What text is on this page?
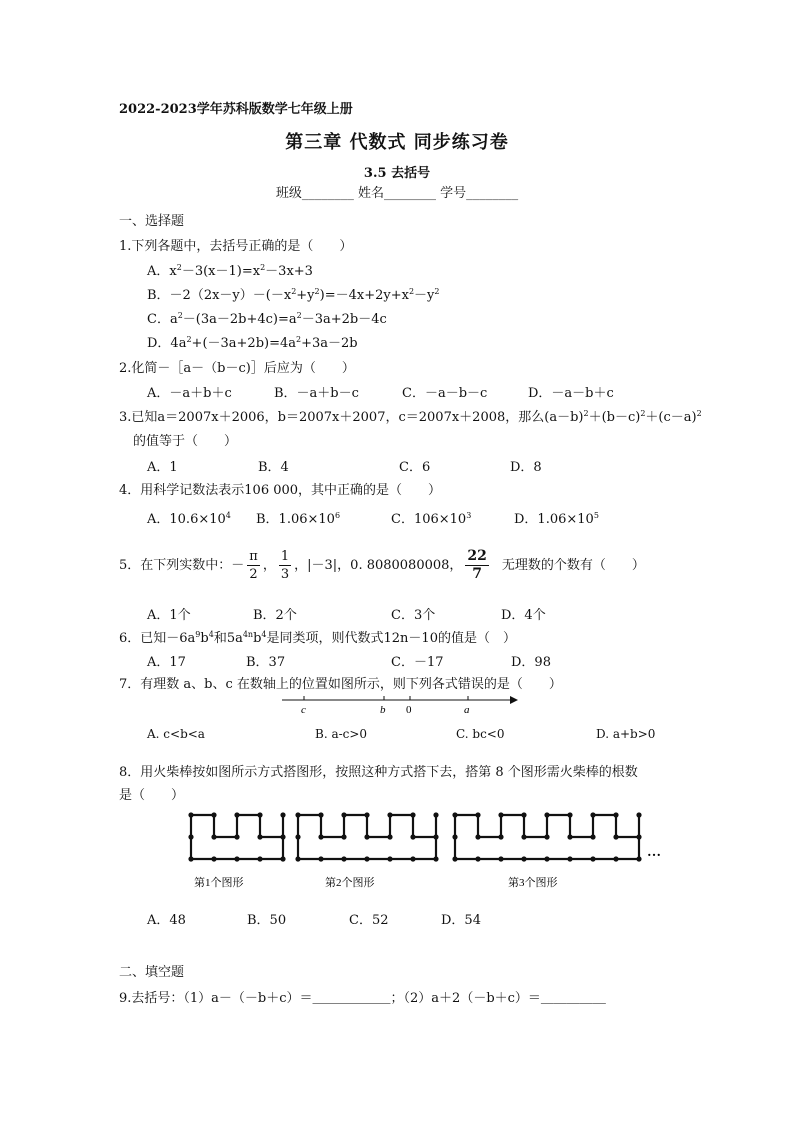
2022-2023学年苏科版数学七年级上册
第三章 代数式 同步练习卷
3.5 去括号
班级________ 姓名________ 学号________
一、选择题
1.下列各题中，去括号正确的是（　　）
A．$x^2-3(x-1)=x^2-3x+3$
B．$-2(2x-y)-(-x^2+y^2)=-4x+2y+x^2-y^2$
C．$a^2-(3a-2b+4c)=a^2-3a+2b-4c$
D．$4a^2+(-3a+2b)=4a^2+3a-2b$
2.化简－［a－（b－c)］后应为（　　）
A．－a＋b＋c	B．－a＋b－c	C．－a－b－c	D．－a－b＋c
3.已知a＝2007x＋2006，b＝2007x＋2007，c＝2007x＋2008，那么$(a-b)^2+(b-c)^2+(c-a)^2$
的值等于（　　）
A．1	B．4	C．6	D．8
4．用科学记数法表示106 000，其中正确的是（　　）
A．$10.6\times 10^4$ B．$1.06\times 10^6$	C．$106\times 10^3$	D．$1.06\times 10^5$
5．在下列实数中：－ $\frac{\pi}{2}$ ， $\frac{1}{3}$ ，|－3|，0. 8080080008， $\frac{22}{7}$ 无理数的个数有（　　）
A．1个	B．2个	C．3个	D．4个
6．已知$-6a^9b^4$和$5a^{4n}b^4$是同类项，则代数式12n－10的值是（　）
A．17	B．37	C．－17	D．98
7．有理数 a、b、c 在数轴上的位置如图所示，则下列各式错误的是（　　）
c	b 0	a
A. c<b<a	B. a-c>0	C. bc<0	D. a+b>0
8．用火柴棒按如图所示方式搭图形，按照这种方式搭下去，搭第 8 个图形需火柴棒的根数
是（　　）
…
第1个图形	第2个图形	第3个图形
A．48	B．50	C．52	D．54
二、填空题
9.去括号：（1）a－（－b＋c）＝＿＿＿＿＿＿；（2）a＋2（－b＋c）＝＿＿＿＿＿
